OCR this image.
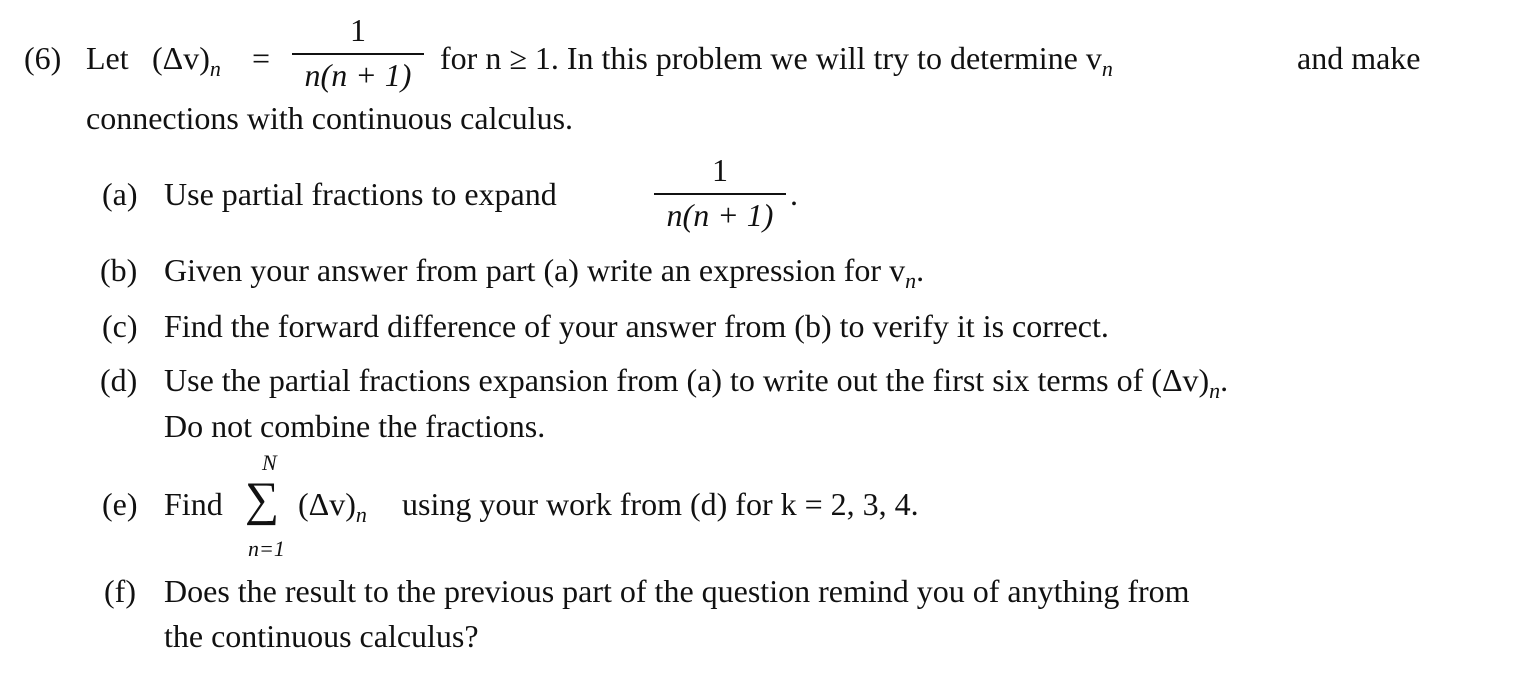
(6) Let $(\Delta v)_n$ =
1
n(n + 1) for n ≥ 1. In this problem we will try to determine $v_n$	and make
connections with continuous calculus.
(a) Use partial fractions to expand
1
n(n + 1)
.
(b) Given your answer from part (a) write an expression for $v_n$.
(c) Find the forward difference of your answer from (b) to verify it is correct.
(d) Use the partial fractions expansion from (a) to write out the first six terms of $(\Delta v)_n$.
Do not combine the fractions.
(e) Find
N
∑
n=1
$(\Delta v)_n$ using your work from (d) for k = 2, 3, 4.
(f) Does the result to the previous part of the question remind you of anything from
the continuous calculus?
